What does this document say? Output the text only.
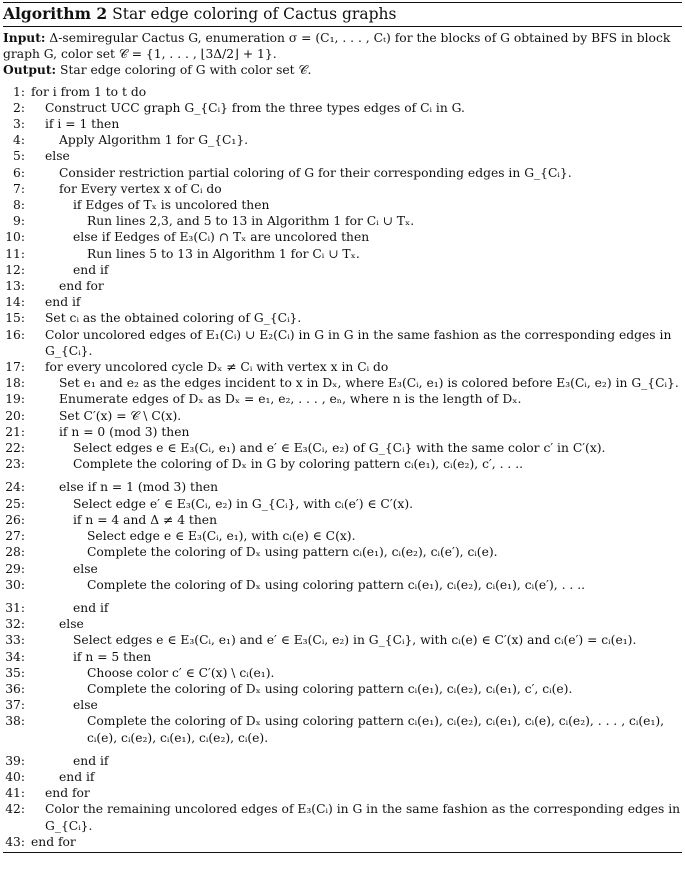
Algorithm 2 Star edge coloring of Cactus graphs
Input: Δ-semiregular Cactus G, enumeration σ = (C₁, . . . , Cₜ) for the blocks of G obtained by BFS in block graph G, color set 𝒞 = {1, . . . , ⌊3Δ/2⌋ + 1}.
Output: Star edge coloring of G with color set 𝒞.
1: for i from 1 to t do
2:	Construct UCC graph G_{Cᵢ} from the three types edges of Cᵢ in G.
3:	if i = 1 then
4:	Apply Algorithm 1 for G_{C₁}.
5:	else
6:	Consider restriction partial coloring of G for their corresponding edges in G_{Cᵢ}.
7:	for Every vertex x of Cᵢ do
8:	if Edges of Tₓ is uncolored then
9:	Run lines 2,3, and 5 to 13 in Algorithm 1 for Cᵢ ∪ Tₓ.
10:	else if Eedges of E₃(Cᵢ) ∩ Tₓ are uncolored then
11:	Run lines 5 to 13 in Algorithm 1 for Cᵢ ∪ Tₓ.
12:	end if
13:	end for
14:	end if
15:	Set cᵢ as the obtained coloring of G_{Cᵢ}.
16:	Color uncolored edges of E₁(Cᵢ) ∪ E₂(Cᵢ) in G in G in the same fashion as the corresponding edges in G_{Cᵢ}.
17:	for every uncolored cycle Dₓ ≠ Cᵢ with vertex x in Cᵢ do
18:	Set e₁ and e₂ as the edges incident to x in Dₓ, where E₃(Cᵢ, e₁) is colored before E₃(Cᵢ, e₂) in G_{Cᵢ}.
19:	Enumerate edges of Dₓ as Dₓ = e₁, e₂, . . . , eₙ, where n is the length of Dₓ.
20:	Set C′(x) = 𝒞 \ C(x).
21:	if n = 0 (mod 3) then
22:	Select edges e ∈ E₃(Cᵢ, e₁) and e′ ∈ E₃(Cᵢ, e₂) of G_{Cᵢ} with the same color c′ in C′(x).
23:	Complete the coloring of Dₓ in G by coloring pattern cᵢ(e₁), cᵢ(e₂), c′, . . ..
24:	else if n = 1 (mod 3) then
25:	Select edge e′ ∈ E₃(Cᵢ, e₂) in G_{Cᵢ}, with cᵢ(e′) ∈ C′(x).
26:	if n = 4 and Δ ≠ 4 then
27:	Select edge e ∈ E₃(Cᵢ, e₁), with cᵢ(e) ∈ C(x).
28:	Complete the coloring of Dₓ using pattern cᵢ(e₁), cᵢ(e₂), cᵢ(e′), cᵢ(e).
29:	else
30:	Complete the coloring of Dₓ using coloring pattern cᵢ(e₁), cᵢ(e₂), cᵢ(e₁), cᵢ(e′), . . ..
31:	end if
32:	else
33:	Select edges e ∈ E₃(Cᵢ, e₁) and e′ ∈ E₃(Cᵢ, e₂) in G_{Cᵢ}, with cᵢ(e) ∈ C′(x) and cᵢ(e′) = cᵢ(e₁).
34:	if n = 5 then
35:	Choose color c′ ∈ C′(x) \ cᵢ(e₁).
36:	Complete the coloring of Dₓ using coloring pattern cᵢ(e₁), cᵢ(e₂), cᵢ(e₁), c′, cᵢ(e).
37:	else
38:	Complete the coloring of Dₓ using coloring pattern cᵢ(e₁), cᵢ(e₂), cᵢ(e₁), cᵢ(e), cᵢ(e₂), . . . , cᵢ(e₁), cᵢ(e), cᵢ(e₂), cᵢ(e₁), cᵢ(e₂), cᵢ(e).
39:	end if
40:	end if
41:	end for
42:	Color the remaining uncolored edges of E₃(Cᵢ) in G in the same fashion as the corresponding edges in G_{Cᵢ}.
43: end for
